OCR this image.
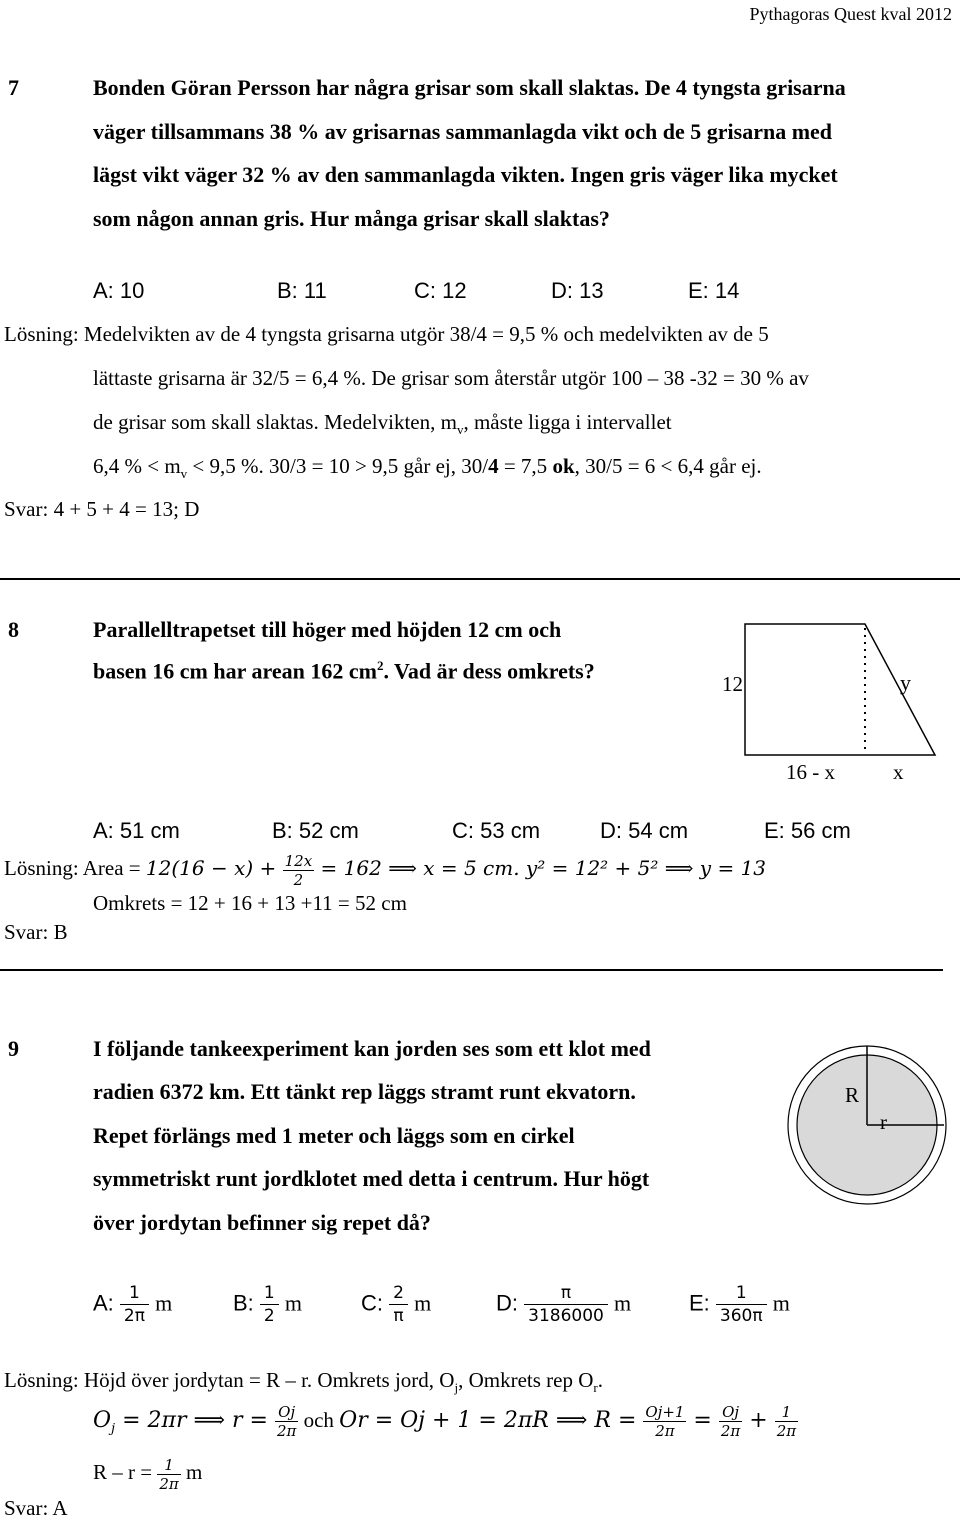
Pythagoras Quest kval 2012
7	Bonden Göran Persson har några grisar som skall slaktas. De 4 tyngsta grisarna
väger tillsammans 38 % av grisarnas sammanlagda vikt och de 5 grisarna med
lägst vikt väger 32 % av den sammanlagda vikten. Ingen gris väger lika mycket
som någon annan gris. Hur många grisar skall slaktas?
A: 10	B: 11	C: 12	D: 13	E: 14
Lösning: Medelvikten av de 4 tyngsta grisarna utgör 38/4 = 9,5 % och medelvikten av de 5
lättaste grisarna är 32/5 = 6,4 %. De grisar som återstår utgör 100 – 38 -32 = 30 % av
de grisar som skall slaktas. Medelvikten, $m_v$, måste ligga i intervallet
6,4 % < $m_v < 9,5$ %. 30/3 = 10 > 9,5 går ej, 30/4 = 7,5 ok, 30/5 = 6 < 6,4 går ej.
Svar: 4 + 5 + 4 = 13; D
8	Parallelltrapetset till höger med höjden 12 cm och
basen 16 cm har arean 162 $cm^2$. Vad är dess omkrets?
12	y
16 - x	x
A: 51 cm	B: 52 cm	C: 53 cm	D: 54 cm	E: 56 cm
Lösning: Area = $12(16 - x) + \frac{12x}{2} = 162$ ⟹ x = 5 cm. y² = 12² + 5² ⟹ y = 13
Omkrets = 12 + 16 + 13 +11 = 52 cm
Svar: B
9	I följande tankeexperiment kan jorden ses som ett klot med
radien 6372 km. Ett tänkt rep läggs stramt runt ekvatorn.
Repet förlängs med 1 meter och läggs som en cirkel
symmetriskt runt jordklotet med detta i centrum. Hur högt
över jordytan befinner sig repet då?
R
r
A: $\frac{1}{2\pi}$ m	B: $\frac{1}{2}$ m	C: $\frac{2}{\pi}$ m	D: $\frac{\pi}{3186000}$ m	E: $\frac{1}{360\pi}$ m
Lösning: Höjd över jordytan = R – r. Omkrets jord, $O_j$, Omkrets rep $O_r$.
$O_j = 2\pi r$ ⟹ $r = \frac{Oj}{2\pi}$ och Or = Oj + 1 = 2πR ⟹ $R = \frac{Oj+1}{2\pi} = \frac{Oj}{2\pi} + \frac{1}{2\pi}$
$R - r = \frac{1}{2\pi}$ m
Svar: A
